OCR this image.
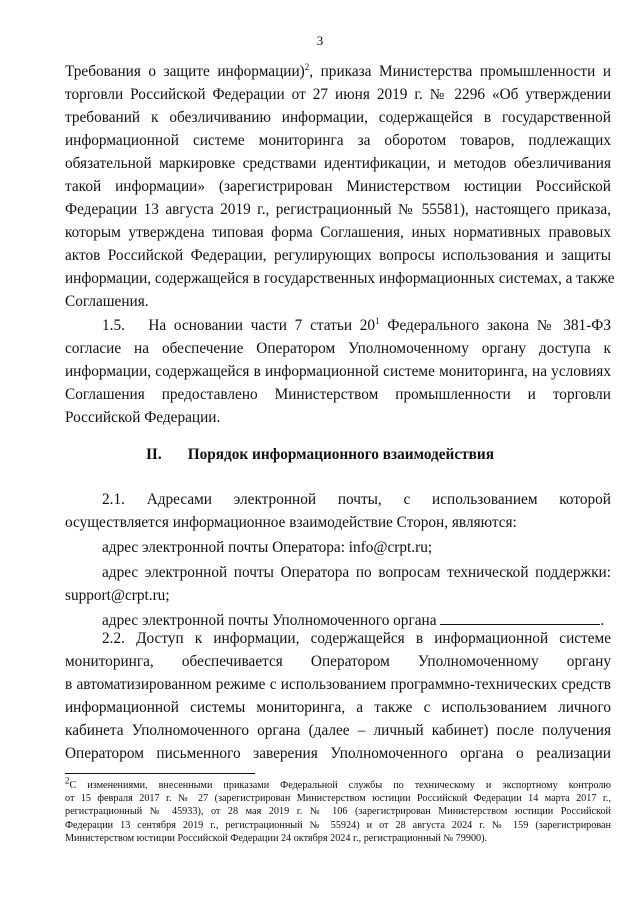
3
Требования о защите информации)$^2$, приказа Министерства промышленности и
торговли Российской Федерации от 27 июня 2019 г. № 2296 «Об утверждении
требований к обезличиванию информации, содержащейся в государственной
информационной системе мониторинга за оборотом товаров, подлежащих
обязательной маркировке средствами идентификации, и методов обезличивания
такой информации» (зарегистрирован Министерством юстиции Российской
Федерации 13 августа 2019 г., регистрационный № 55581), настоящего приказа,
которым утверждена типовая форма Соглашения, иных нормативных правовых
актов Российской Федерации, регулирующих вопросы использования и защиты
информации, содержащейся в государственных информационных системах, а также
Соглашения.
1.5. На основании части 7 статьи $20^1$ Федерального закона № 381-ФЗ
согласие на обеспечение Оператором Уполномоченному органу доступа к
информации, содержащейся в информационной системе мониторинга, на условиях
Соглашения предоставлено Министерством промышленности и торговли
Российской Федерации.
II. Порядок информационного взаимодействия
2.1. Адресами электронной почты, с использованием которой
осуществляется информационное взаимодействие Сторон, являются:
адрес электронной почты Оператора: info@crpt.ru;
адрес электронной почты Оператора по вопросам технической поддержки:
support@crpt.ru;
адрес электронной почты Уполномоченного органа	.
2.2. Доступ к информации, содержащейся в информационной системе
мониторинга, обеспечивается Оператором Уполномоченному органу
в автоматизированном режиме с использованием программно-технических средств
информационной системы мониторинга, а также с использованием личного
кабинета Уполномоченного органа (далее – личный кабинет) после получения
Оператором письменного заверения Уполномоченного органа о реализации
$^2$С изменениями, внесенными приказами Федеральной службы по техническому и экспортному контролю
от 15 февраля 2017 г. № 27 (зарегистрирован Министерством юстиции Российской Федерации 14 марта 2017 г.,
регистрационный № 45933), от 28 мая 2019 г. № 106 (зарегистрирован Министерством юстиции Российской
Федерации 13 сентября 2019 г., регистрационный № 55924) и от 28 августа 2024 г. № 159 (зарегистрирован
Министерством юстиции Российской Федерации 24 октября 2024 г., регистрационный № 79900).
